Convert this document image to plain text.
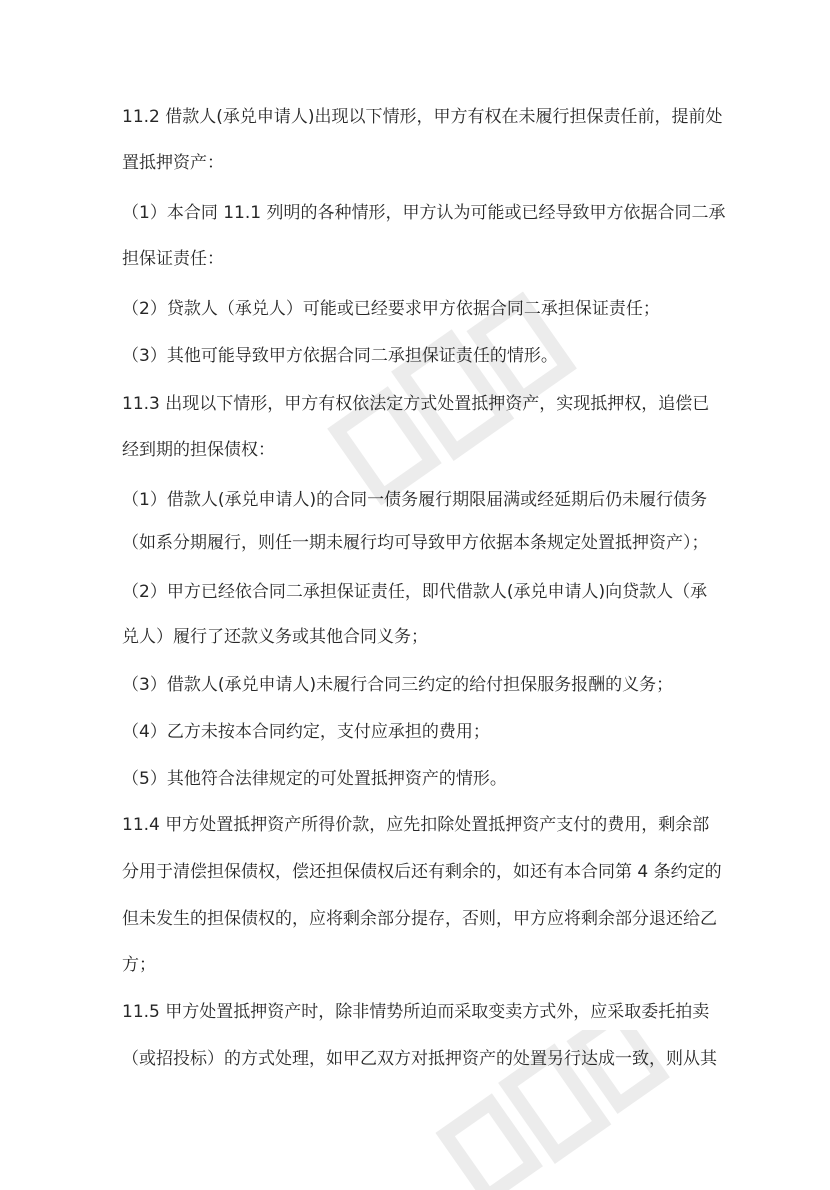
11.2 借款人(承兑申请人)出现以下情形，甲方有权在未履行担保责任前，提前处
置抵押资产：
（1）本合同 11.1 列明的各种情形，甲方认为可能或已经导致甲方依据合同二承
担保证责任：
（2）贷款人（承兑人）可能或已经要求甲方依据合同二承担保证责任；
（3）其他可能导致甲方依据合同二承担保证责任的情形。
11.3 出现以下情形，甲方有权依法定方式处置抵押资产，实现抵押权，追偿已
经到期的担保债权：
（1）借款人(承兑申请人)的合同一债务履行期限届满或经延期后仍未履行债务
（如系分期履行，则任一期未履行均可导致甲方依据本条规定处置抵押资产）；
（2）甲方已经依合同二承担保证责任，即代借款人(承兑申请人)向贷款人（承
兑人）履行了还款义务或其他合同义务；
（3）借款人(承兑申请人)未履行合同三约定的给付担保服务报酬的义务；
（4）乙方未按本合同约定，支付应承担的费用；
（5）其他符合法律规定的可处置抵押资产的情形。
11.4 甲方处置抵押资产所得价款，应先扣除处置抵押资产支付的费用，剩余部
分用于清偿担保债权，偿还担保债权后还有剩余的，如还有本合同第 4 条约定的
但未发生的担保债权的，应将剩余部分提存，否则，甲方应将剩余部分退还给乙
方；
11.5 甲方处置抵押资产时，除非情势所迫而采取变卖方式外，应采取委托拍卖
（或招投标）的方式处理，如甲乙双方对抵押资产的处置另行达成一致，则从其
